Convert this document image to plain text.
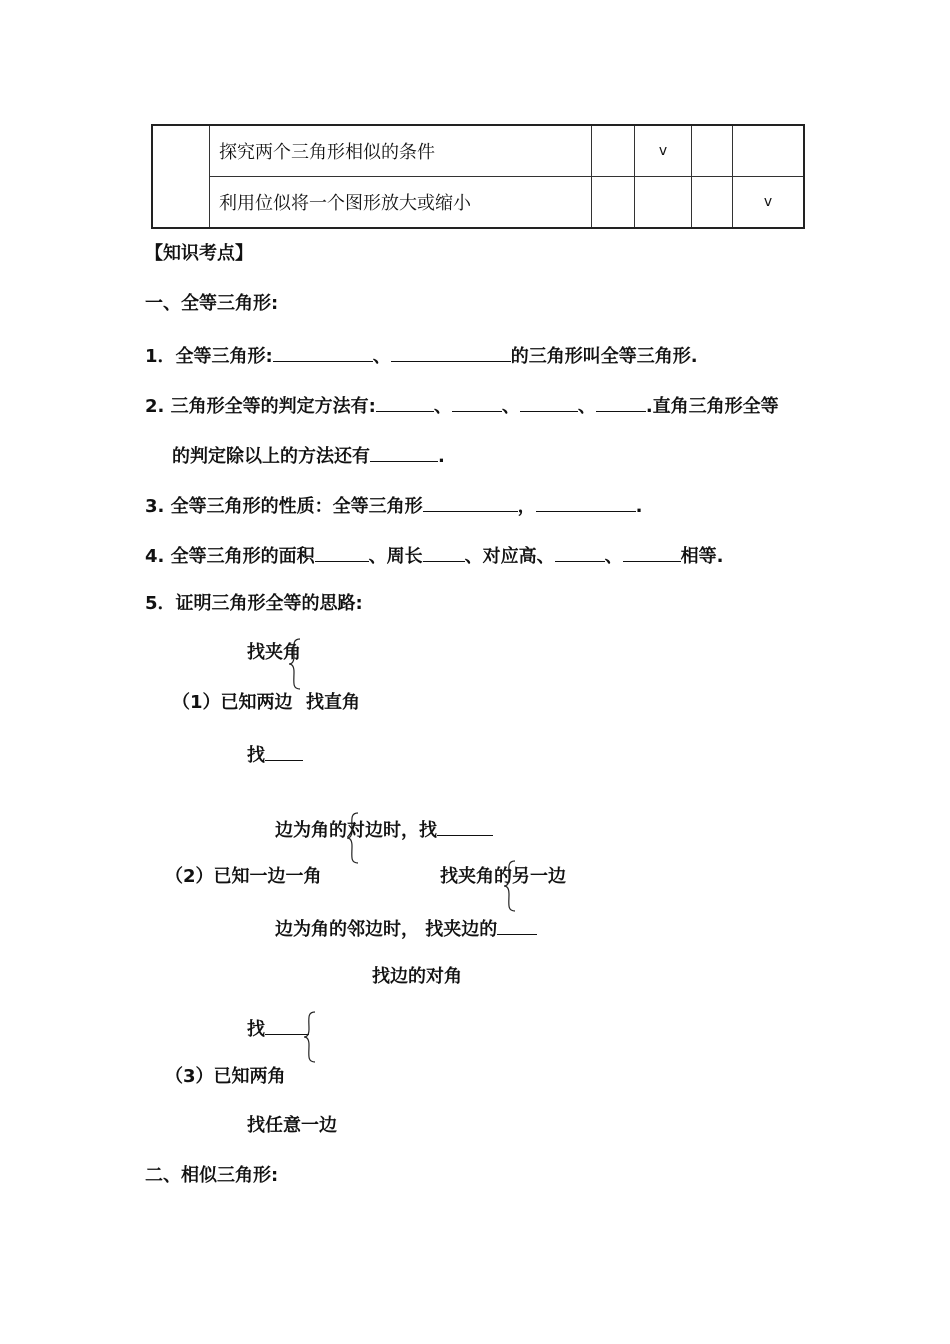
	探究两个三角形相似的条件		v		
	利用位似将一个图形放大或缩小				v
【知识考点】
一、全等三角形:
1．全等三角形:	、	的三角形叫全等三角形.
2. 三角形全等的判定方法有:	、	、	、	.直角三角形全等
的判定除以上的方法还有	.
3. 全等三角形的性质：全等三角形	，	.
4. 全等三角形的面积	、周长 、对应高、	、	相等.
5．证明三角形全等的思路:
找夹角
（1）已知两边 找直角
找
边为角的对边时，找
（2）已知一边一角	找夹角的另一边
边为角的邻边时， 找夹边的
找边的对角
找
（3）已知两角
找任意一边
二、相似三角形:
